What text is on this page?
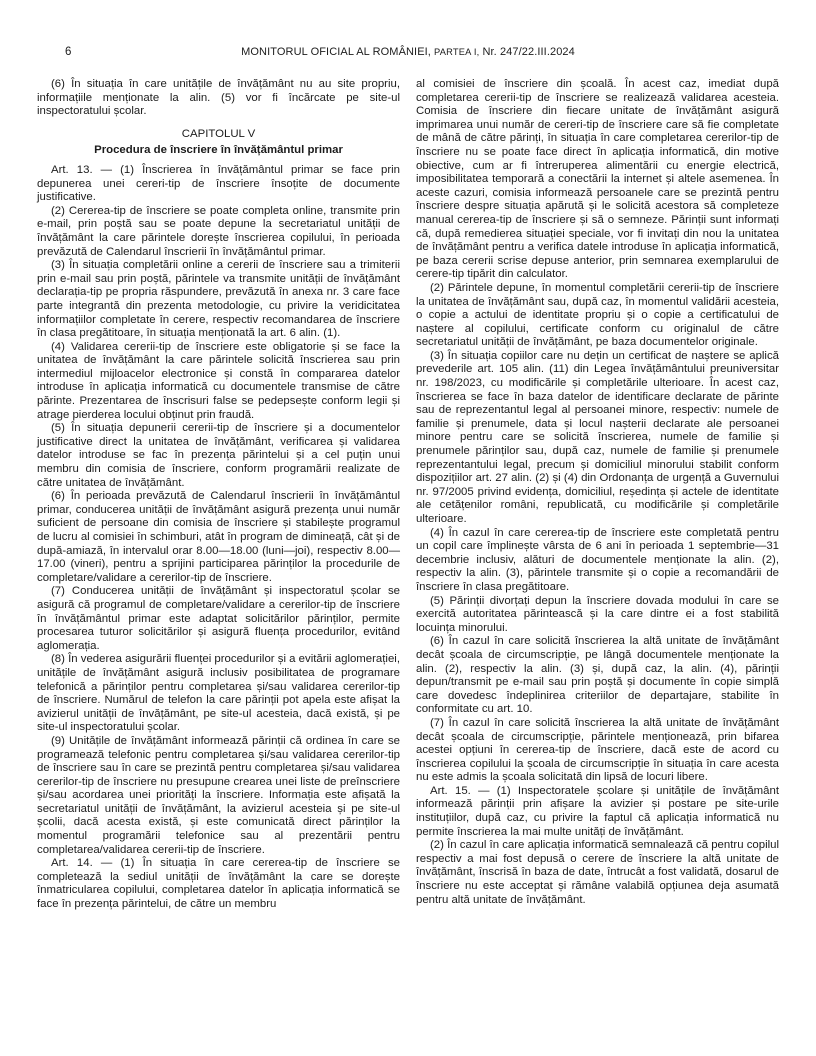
6	MONITORUL OFICIAL AL ROMÂNIEI, PARTEA I, Nr. 247/22.III.2024

(6) În situația în care unitățile de învățământ nu au site propriu, informațiile menționate la alin. (5) vor fi încărcate pe site-ul inspectoratului școlar.

CAPITOLUL V
Procedura de înscriere în învățământul primar

Art. 13. — (1) Înscrierea în învățământul primar se face prin depunerea unei cereri-tip de înscriere însoțite de documente justificative.

(2) Cererea-tip de înscriere se poate completa online, transmite prin e-mail, prin poștă sau se poate depune la secretariatul unității de învățământ la care părintele dorește înscrierea copilului, în perioada prevăzută de Calendarul înscrierii în învățământul primar.

(3) În situația completării online a cererii de înscriere sau a trimiterii prin e-mail sau prin poștă, părintele va transmite unității de învățământ declarația-tip pe propria răspundere, prevăzută în anexa nr. 3 care face parte integrantă din prezenta metodologie, cu privire la veridicitatea informațiilor completate în cerere, respectiv recomandarea de înscriere în clasa pregătitoare, în situația menționată la art. 6 alin. (1).

(4) Validarea cererii-tip de înscriere este obligatorie și se face la unitatea de învățământ la care părintele solicită înscrierea sau prin intermediul mijloacelor electronice și constă în compararea datelor introduse în aplicația informatică cu documentele transmise de către părinte. Prezentarea de înscrisuri false se pedepsește conform legii și atrage pierderea locului obținut prin fraudă.

(5) În situația depunerii cererii-tip de înscriere și a documentelor justificative direct la unitatea de învățământ, verificarea și validarea datelor introduse se fac în prezența părintelui și a cel puțin unui membru din comisia de înscriere, conform programării realizate de către unitatea de învățământ.

(6) În perioada prevăzută de Calendarul înscrierii în învățământul primar, conducerea unității de învățământ asigură prezența unui număr suficient de persoane din comisia de înscriere și stabilește programul de lucru al comisiei în schimburi, atât în program de dimineață, cât și de după-amiază, în intervalul orar 8.00—18.00 (luni—joi), respectiv 8.00—17.00 (vineri), pentru a sprijini participarea părinților la procedurile de completare/validare a cererilor-tip de înscriere.

(7) Conducerea unității de învățământ și inspectoratul școlar se asigură că programul de completare/validare a cererilor-tip de înscriere în învățământul primar este adaptat solicitărilor părinților, permite procesarea tuturor solicitărilor și asigură fluența procedurilor, evitând aglomerația.

(8) În vederea asigurării fluenței procedurilor și a evitării aglomerației, unitățile de învățământ asigură inclusiv posibilitatea de programare telefonică a părinților pentru completarea și/sau validarea cererilor-tip de înscriere. Numărul de telefon la care părinții pot apela este afișat la avizierul unității de învățământ, pe site-ul acesteia, dacă există, și pe site-ul inspectoratului școlar.

(9) Unitățile de învățământ informează părinții că ordinea în care se programează telefonic pentru completarea și/sau validarea cererilor-tip de înscriere sau în care se prezintă pentru completarea și/sau validarea cererilor-tip de înscriere nu presupune crearea unei liste de preînscriere și/sau acordarea unei priorități la înscriere. Informația este afișată la secretariatul unității de învățământ, la avizierul acesteia și pe site-ul școlii, dacă acesta există, și este comunicată direct părinților la momentul programării telefonice sau al prezentării pentru completarea/validarea cererii-tip de înscriere.

Art. 14. — (1) În situația în care cererea-tip de înscriere se completează la sediul unității de învățământ la care se dorește înmatricularea copilului, completarea datelor în aplicația informatică se face în prezența părintelui, de către un membru

al comisiei de înscriere din școală. În acest caz, imediat după completarea cererii-tip de înscriere se realizează validarea acesteia. Comisia de înscriere din fiecare unitate de învățământ asigură imprimarea unui număr de cereri-tip de înscriere care să fie completate de mână de către părinți, în situația în care completarea cererilor-tip de înscriere nu se poate face direct în aplicația informatică, din motive obiective, cum ar fi întreruperea alimentării cu energie electrică, imposibilitatea temporară a conectării la internet și altele asemenea. În aceste cazuri, comisia informează persoanele care se prezintă pentru înscriere despre situația apărută și le solicită acestora să completeze manual cererea-tip de înscriere și să o semneze. Părinții sunt informați că, după remedierea situației speciale, vor fi invitați din nou la unitatea de învățământ pentru a verifica datele introduse în aplicația informatică, pe baza cererii scrise depuse anterior, prin semnarea exemplarului de cerere-tip tipărit din calculator.

(2) Părintele depune, în momentul completării cererii-tip de înscriere la unitatea de învățământ sau, după caz, în momentul validării acesteia, o copie a actului de identitate propriu și o copie a certificatului de naștere al copilului, certificate conform cu originalul de către secretariatul unității de învățământ, pe baza documentelor originale.

(3) În situația copiilor care nu dețin un certificat de naștere se aplică prevederile art. 105 alin. (11) din Legea învățământului preuniversitar nr. 198/2023, cu modificările și completările ulterioare. În acest caz, înscrierea se face în baza datelor de identificare declarate de părinte sau de reprezentantul legal al persoanei minore, respectiv: numele de familie și prenumele, data și locul nașterii declarate ale persoanei minore pentru care se solicită înscrierea, numele de familie și prenumele părinților sau, după caz, numele de familie și prenumele reprezentantului legal, precum și domiciliul minorului stabilit conform dispozițiilor art. 27 alin. (2) și (4) din Ordonanța de urgență a Guvernului nr. 97/2005 privind evidența, domiciliul, reședința și actele de identitate ale cetățenilor români, republicată, cu modificările și completările ulterioare.

(4) În cazul în care cererea-tip de înscriere este completată pentru un copil care împlinește vârsta de 6 ani în perioada 1 septembrie—31 decembrie inclusiv, alături de documentele menționate la alin. (2), respectiv la alin. (3), părintele transmite și o copie a recomandării de înscriere în clasa pregătitoare.

(5) Părinții divorțați depun la înscriere dovada modului în care se exercită autoritatea părintească și la care dintre ei a fost stabilită locuința minorului.

(6) În cazul în care solicită înscrierea la altă unitate de învățământ decât școala de circumscripție, pe lângă documentele menționate la alin. (2), respectiv la alin. (3) și, după caz, la alin. (4), părinții depun/transmit pe e-mail sau prin poștă și documente în copie simplă care dovedesc îndeplinirea criteriilor de departajare, stabilite în conformitate cu art. 10.

(7) În cazul în care solicită înscrierea la altă unitate de învățământ decât școala de circumscripție, părintele menționează, prin bifarea acestei opțiuni în cererea-tip de înscriere, dacă este de acord cu înscrierea copilului la școala de circumscripție în situația în care acesta nu este admis la școala solicitată din lipsă de locuri libere.

Art. 15. — (1) Inspectoratele școlare și unitățile de învățământ informează părinții prin afișare la avizier și postare pe site-urile instituțiilor, după caz, cu privire la faptul că aplicația informatică nu permite înscrierea la mai multe unități de învățământ.

(2) În cazul în care aplicația informatică semnalează că pentru copilul respectiv a mai fost depusă o cerere de înscriere la altă unitate de învățământ, înscrisă în baza de date, întrucât a fost validată, dosarul de înscriere nu este acceptat și rămâne valabilă opțiunea deja asumată pentru altă unitate de învățământ.
